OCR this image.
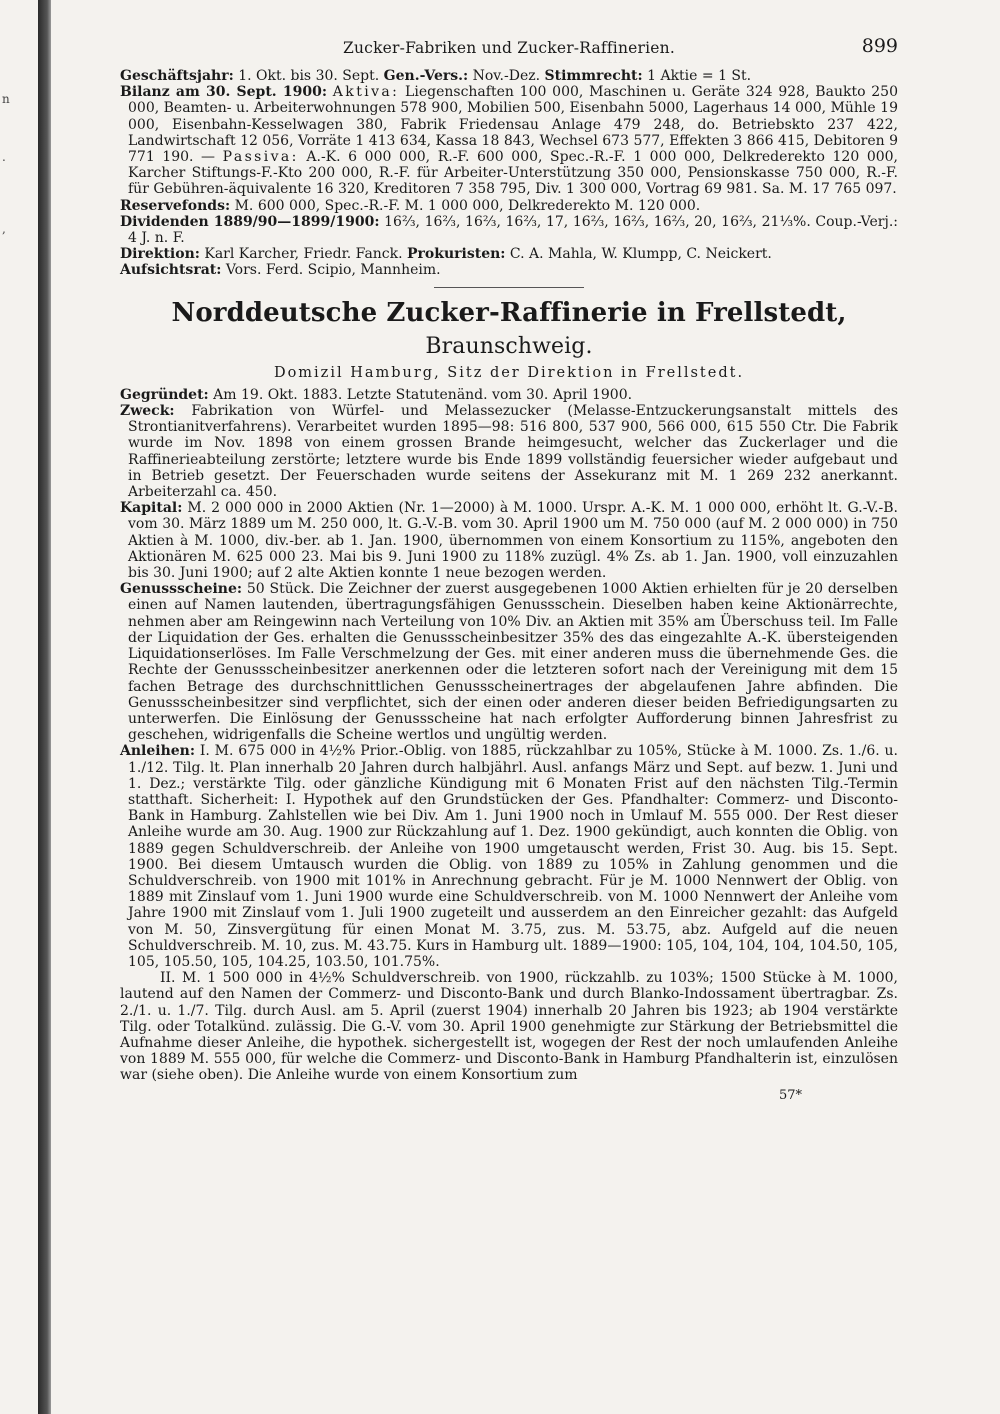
n
.
,
Zucker-Fabriken und Zucker-Raffinerien.	899

Geschäftsjahr: 1. Okt. bis 30. Sept. Gen.-Vers.: Nov.-Dez. Stimmrecht: 1 Aktie = 1 St.

Bilanz am 30. Sept. 1900: Aktiva: Liegenschaften 100 000, Maschinen u. Geräte 324 928, Baukto 250 000, Beamten- u. Arbeiterwohnungen 578 900, Mobilien 500, Eisenbahn 5000, Lagerhaus 14 000, Mühle 19 000, Eisenbahn-Kesselwagen 380, Fabrik Friedensau Anlage 479 248, do. Betriebskto 237 422, Landwirtschaft 12 056, Vorräte 1 413 634, Kassa 18 843, Wechsel 673 577, Effekten 3 866 415, Debitoren 9 771 190. — Passiva: A.-K. 6 000 000, R.-F. 600 000, Spec.-R.-F. 1 000 000, Delkrederekto 120 000, Karcher Stiftungs-F.-Kto 200 000, R.-F. für Arbeiter-Unterstützung 350 000, Pensionskasse 750 000, R.-F. für Gebühren-äquivalente 16 320, Kreditoren 7 358 795, Div. 1 300 000, Vortrag 69 981. Sa. M. 17 765 097.

Reservefonds: M. 600 000, Spec.-R.-F. M. 1 000 000, Delkrederekto M. 120 000.

Dividenden 1889/90—1899/1900: 16⅔, 16⅔, 16⅔, 16⅔, 17, 16⅔, 16⅔, 16⅔, 20, 16⅔, 21⅓%. Coup.-Verj.: 4 J. n. F.

Direktion: Karl Karcher, Friedr. Fanck. Prokuristen: C. A. Mahla, W. Klumpp, C. Neickert.

Aufsichtsrat: Vors. Ferd. Scipio, Mannheim.

Norddeutsche Zucker-Raffinerie in Frellstedt, Braunschweig.

Domizil Hamburg, Sitz der Direktion in Frellstedt.

Gegründet: Am 19. Okt. 1883. Letzte Statutenänd. vom 30. April 1900.

Zweck: Fabrikation von Würfel- und Melassezucker (Melasse-Entzuckerungsanstalt mittels des Strontianitverfahrens). Verarbeitet wurden 1895—98: 516 800, 537 900, 566 000, 615 550 Ctr. Die Fabrik wurde im Nov. 1898 von einem grossen Brande heimgesucht, welcher das Zuckerlager und die Raffinerieabteilung zerstörte; letztere wurde bis Ende 1899 vollständig feuersicher wieder aufgebaut und in Betrieb gesetzt. Der Feuerschaden wurde seitens der Assekuranz mit M. 1 269 232 anerkannt. Arbeiterzahl ca. 450.

Kapital: M. 2 000 000 in 2000 Aktien (Nr. 1—2000) à M. 1000. Urspr. A.-K. M. 1 000 000, erhöht lt. G.-V.-B. vom 30. März 1889 um M. 250 000, lt. G.-V.-B. vom 30. April 1900 um M. 750 000 (auf M. 2 000 000) in 750 Aktien à M. 1000, div.-ber. ab 1. Jan. 1900, übernommen von einem Konsortium zu 115%, angeboten den Aktionären M. 625 000 23. Mai bis 9. Juni 1900 zu 118% zuzügl. 4% Zs. ab 1. Jan. 1900, voll einzuzahlen bis 30. Juni 1900; auf 2 alte Aktien konnte 1 neue bezogen werden.

Genussscheine: 50 Stück. Die Zeichner der zuerst ausgegebenen 1000 Aktien erhielten für je 20 derselben einen auf Namen lautenden, übertragungsfähigen Genussschein. Dieselben haben keine Aktionärrechte, nehmen aber am Reingewinn nach Verteilung von 10% Div. an Aktien mit 35% am Überschuss teil. Im Falle der Liquidation der Ges. erhalten die Genussscheinbesitzer 35% des das eingezahlte A.-K. übersteigenden Liquidationserlöses. Im Falle Verschmelzung der Ges. mit einer anderen muss die übernehmende Ges. die Rechte der Genussscheinbesitzer anerkennen oder die letzteren sofort nach der Vereinigung mit dem 15 fachen Betrage des durchschnittlichen Genussscheinertrages der abgelaufenen Jahre abfinden. Die Genussscheinbesitzer sind verpflichtet, sich der einen oder anderen dieser beiden Befriedigungsarten zu unterwerfen. Die Einlösung der Genussscheine hat nach erfolgter Aufforderung binnen Jahresfrist zu geschehen, widrigenfalls die Scheine wertlos und ungültig werden.

Anleihen: I. M. 675 000 in 4½% Prior.-Oblig. von 1885, rückzahlbar zu 105%, Stücke à M. 1000. Zs. 1./6. u. 1./12. Tilg. lt. Plan innerhalb 20 Jahren durch halbjährl. Ausl. anfangs März und Sept. auf bezw. 1. Juni und 1. Dez.; verstärkte Tilg. oder gänzliche Kündigung mit 6 Monaten Frist auf den nächsten Tilg.-Termin statthaft. Sicherheit: I. Hypothek auf den Grundstücken der Ges. Pfandhalter: Commerz- und Disconto-Bank in Hamburg. Zahlstellen wie bei Div. Am 1. Juni 1900 noch in Umlauf M. 555 000. Der Rest dieser Anleihe wurde am 30. Aug. 1900 zur Rückzahlung auf 1. Dez. 1900 gekündigt, auch konnten die Oblig. von 1889 gegen Schuldverschreib. der Anleihe von 1900 umgetauscht werden, Frist 30. Aug. bis 15. Sept. 1900. Bei diesem Umtausch wurden die Oblig. von 1889 zu 105% in Zahlung genommen und die Schuldverschreib. von 1900 mit 101% in Anrechnung gebracht. Für je M. 1000 Nennwert der Oblig. von 1889 mit Zinslauf vom 1. Juni 1900 wurde eine Schuldverschreib. von M. 1000 Nennwert der Anleihe vom Jahre 1900 mit Zinslauf vom 1. Juli 1900 zugeteilt und ausserdem an den Einreicher gezahlt: das Aufgeld von M. 50, Zinsvergütung für einen Monat M. 3.75, zus. M. 53.75, abz. Aufgeld auf die neuen Schuldverschreib. M. 10, zus. M. 43.75. Kurs in Hamburg ult. 1889—1900: 105, 104, 104, 104, 104.50, 105, 105, 105.50, 105, 104.25, 103.50, 101.75%.

II. M. 1 500 000 in 4½% Schuldverschreib. von 1900, rückzahlb. zu 103%; 1500 Stücke à M. 1000, lautend auf den Namen der Commerz- und Disconto-Bank und durch Blanko-Indossament übertragbar. Zs. 2./1. u. 1./7. Tilg. durch Ausl. am 5. April (zuerst 1904) innerhalb 20 Jahren bis 1923; ab 1904 verstärkte Tilg. oder Totalkünd. zulässig. Die G.-V. vom 30. April 1900 genehmigte zur Stärkung der Betriebsmittel die Aufnahme dieser Anleihe, die hypothek. sichergestellt ist, wogegen der Rest der noch umlaufenden Anleihe von 1889 M. 555 000, für welche die Commerz- und Disconto-Bank in Hamburg Pfandhalterin ist, einzulösen war (siehe oben). Die Anleihe wurde von einem Konsortium zum

57*
